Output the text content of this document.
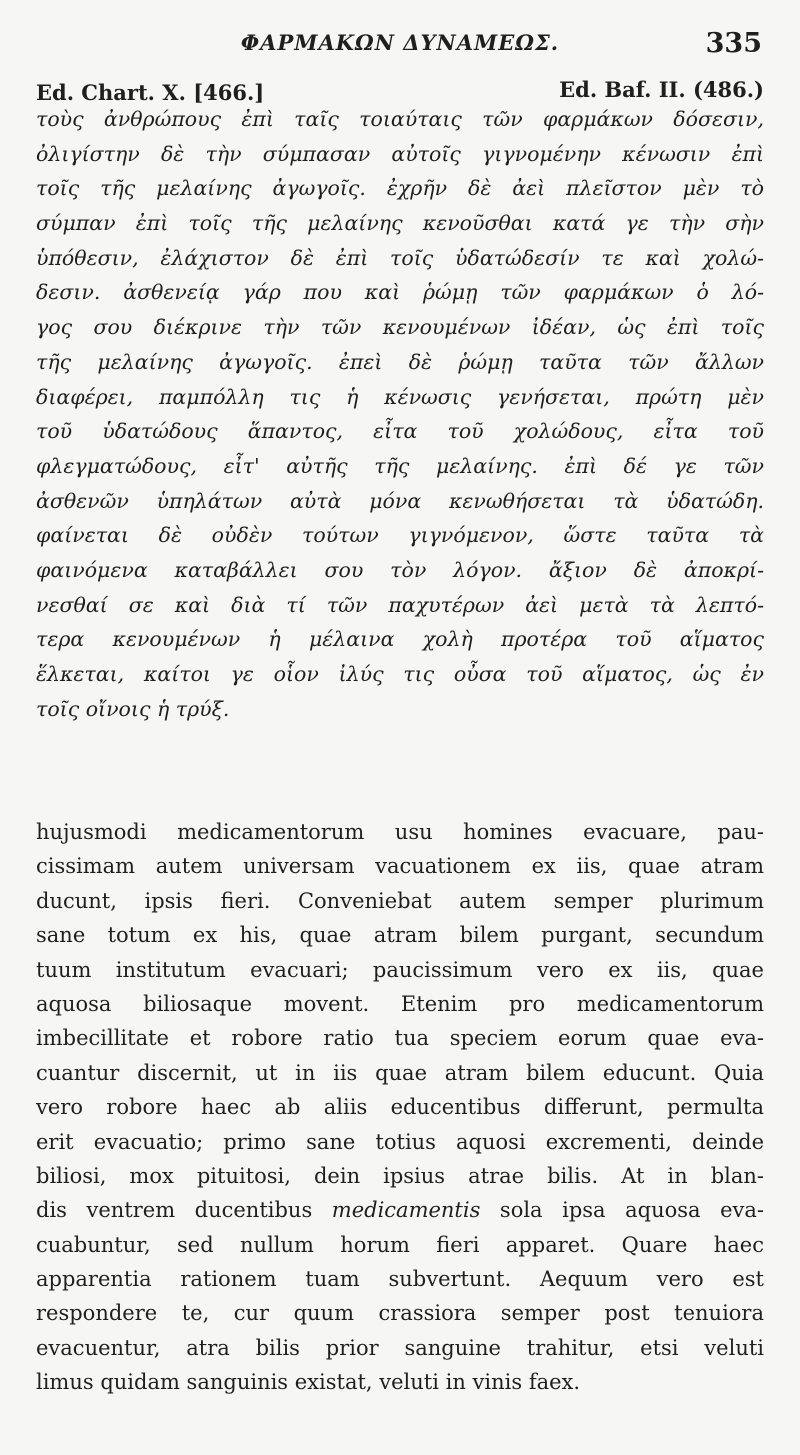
ΦΑΡΜΑΚΩΝ ΔΥΝΑΜΕΩΣ.	335
Ed. Chart. X. [466.]	Ed. Baf. II. (486.)
τοὺς ἀνθρώπους ἐπὶ ταῖς τοιαύταις τῶν φαρμάκων δόσεσιν,
ὀλιγίστην δὲ τὴν σύμπασαν αὐτοῖς γιγνομένην κένωσιν ἐπὶ
τοῖς τῆς μελαίνης ἀγωγοῖς. ἐχρῆν δὲ ἀεὶ πλεῖστον μὲν τὸ
σύμπαν ἐπὶ τοῖς τῆς μελαίνης κενοῦσθαι κατά γε τὴν σὴν
ὑπόθεσιν, ἐλάχιστον δὲ ἐπὶ τοῖς ὑδατώδεσίν τε καὶ χολώ-
δεσιν. ἀσθενείᾳ γάρ που καὶ ῥώμῃ τῶν φαρμάκων ὁ λό-
γος σου διέκρινε τὴν τῶν κενουμένων ἰδέαν, ὡς ἐπὶ τοῖς
τῆς μελαίνης ἀγωγοῖς. ἐπεὶ δὲ ῥώμῃ ταῦτα τῶν ἄλλων
διαφέρει, παμπόλλη τις ἡ κένωσις γενήσεται, πρώτη μὲν
τοῦ ὑδατώδους ἅπαντος, εἶτα τοῦ χολώδους, εἶτα τοῦ
φλεγματώδους, εἶτ' αὐτῆς τῆς μελαίνης. ἐπὶ δέ γε τῶν
ἀσθενῶν ὑπηλάτων αὐτὰ μόνα κενωθήσεται τὰ ὑδατώδη.
φαίνεται δὲ οὐδὲν τούτων γιγνόμενον, ὥστε ταῦτα τὰ
φαινόμενα καταβάλλει σου τὸν λόγον. ἄξιον δὲ ἀποκρί-
νεσθαί σε καὶ διὰ τί τῶν παχυτέρων ἀεὶ μετὰ τὰ λεπτό-
τερα κενουμένων ἡ μέλαινα χολὴ προτέρα τοῦ αἵματος
ἕλκεται, καίτοι γε οἷον ἰλύς τις οὖσα τοῦ αἵματος, ὡς ἐν
τοῖς οἴνοις ἡ τρύξ.
hujusmodi medicamentorum usu homines evacuare, pau-
cissimam autem universam vacuationem ex iis, quae atram
ducunt, ipsis fieri. Conveniebat autem semper plurimum
sane totum ex his, quae atram bilem purgant, secundum
tuum institutum evacuari; paucissimum vero ex iis, quae
aquosa biliosaque movent. Etenim pro medicamentorum
imbecillitate et robore ratio tua speciem eorum quae eva-
cuantur discernit, ut in iis quae atram bilem educunt. Quia
vero robore haec ab aliis educentibus differunt, permulta
erit evacuatio; primo sane totius aquosi excrementi, deinde
biliosi, mox pituitosi, dein ipsius atrae bilis. At in blan-
dis ventrem ducentibus medicamentis sola ipsa aquosa eva-
cuabuntur, sed nullum horum fieri apparet. Quare haec
apparentia rationem tuam subvertunt. Aequum vero est
respondere te, cur quum crassiora semper post tenuiora
evacuentur, atra bilis prior sanguine trahitur, etsi veluti
limus quidam sanguinis existat, veluti in vinis faex.
